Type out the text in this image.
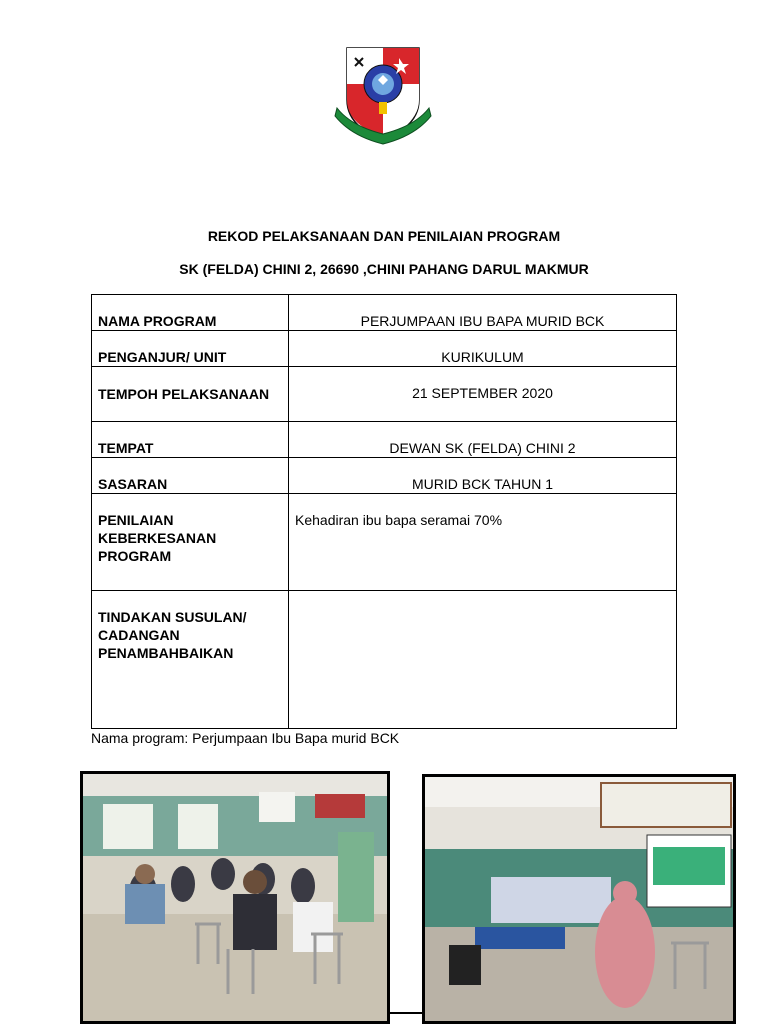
REKOD PELAKSANAAN DAN PENILAIAN PROGRAM
SK (FELDA) CHINI 2, 26690 ,CHINI PAHANG DARUL MAKMUR
NAMA PROGRAM	PERJUMPAAN IBU BAPA MURID BCK
PENGANJUR/ UNIT	KURIKULUM
TEMPOH PELAKSANAAN	21 SEPTEMBER 2020
TEMPAT	DEWAN SK (FELDA) CHINI 2
SASARAN	MURID BCK TAHUN 1
PENILAIAN KEBERKESANAN PROGRAM	Kehadiran ibu bapa seramai 70%
TINDAKAN SUSULAN/ CADANGAN PENAMBAHBAIKAN	
Nama program: Perjumpaan Ibu Bapa murid BCK
